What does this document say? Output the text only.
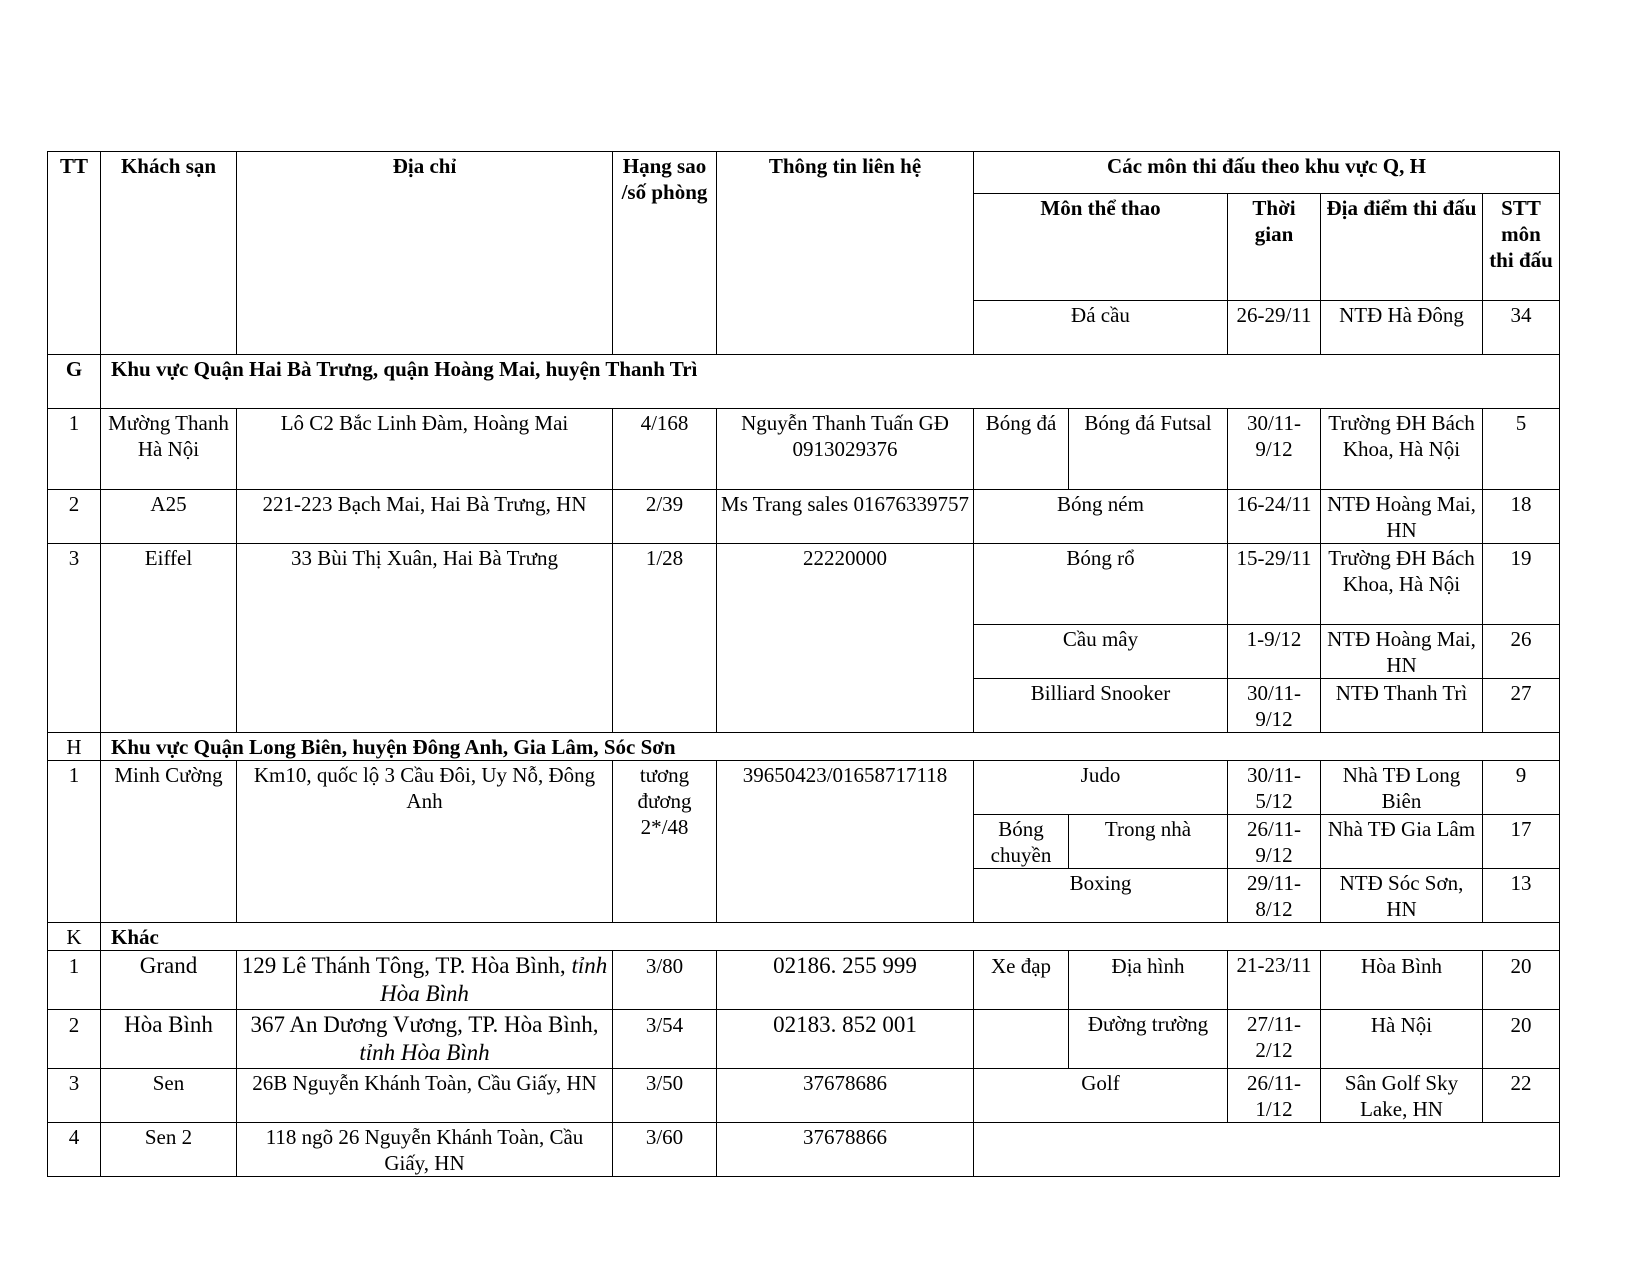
TT	Khách sạn	Địa chỉ	Hạng sao /số phòng	Thông tin liên hệ	Các môn thi đấu theo khu vực Q, H				
					Môn thể thao		Thời gian	Địa điểm thi đấu	STT môn thi đấu
					Đá cầu		26-29/11	NTĐ Hà Đông	34
G	Khu vực Quận Hai Bà Trưng, quận Hoàng Mai, huyện Thanh Trì								
1	Mường Thanh Hà Nội	Lô C2 Bắc Linh Đàm, Hoàng Mai	4/168	Nguyễn Thanh Tuấn GĐ 0913029376	Bóng đá	Bóng đá Futsal	30/11-9/12	Trường ĐH Bách Khoa, Hà Nội	5
2	A25	221-223 Bạch Mai, Hai Bà Trưng, HN	2/39	Ms Trang sales 01676339757	Bóng ném		16-24/11	NTĐ Hoàng Mai, HN	18
3	Eiffel	33 Bùi Thị Xuân, Hai Bà Trưng	1/28	22220000	Bóng rổ		15-29/11	Trường ĐH Bách Khoa, Hà Nội	19
					Cầu mây		1-9/12	NTĐ Hoàng Mai, HN	26
					Billiard Snooker		30/11-9/12	NTĐ Thanh Trì	27
H	Khu vực Quận Long Biên, huyện Đông Anh, Gia Lâm, Sóc Sơn								
1	Minh Cường	Km10, quốc lộ 3 Cầu Đôi, Uy Nỗ, Đông Anh	tương đương 2*/48	39650423/01658717118	Judo		30/11-5/12	Nhà TĐ Long Biên	9
					Bóng chuyền	Trong nhà	26/11-9/12	Nhà TĐ Gia Lâm	17
					Boxing		29/11-8/12	NTĐ Sóc Sơn, HN	13
K	Khác								
1	Grand	129 Lê Thánh Tông, TP. Hòa Bình, tỉnh Hòa Bình	3/80	02186. 255 999	Xe đạp	Địa hình	21-23/11	Hòa Bình	20
2	Hòa Bình	367 An Dương Vương, TP. Hòa Bình, tỉnh Hòa Bình	3/54	02183. 852 001		Đường trường	27/11-2/12	Hà Nội	20
3	Sen	26B Nguyễn Khánh Toàn, Cầu Giấy, HN	3/50	37678686	Golf		26/11-1/12	Sân Golf Sky Lake, HN	22
4	Sen 2	118 ngõ 26 Nguyễn Khánh Toàn, Cầu Giấy, HN	3/60	37678866					
